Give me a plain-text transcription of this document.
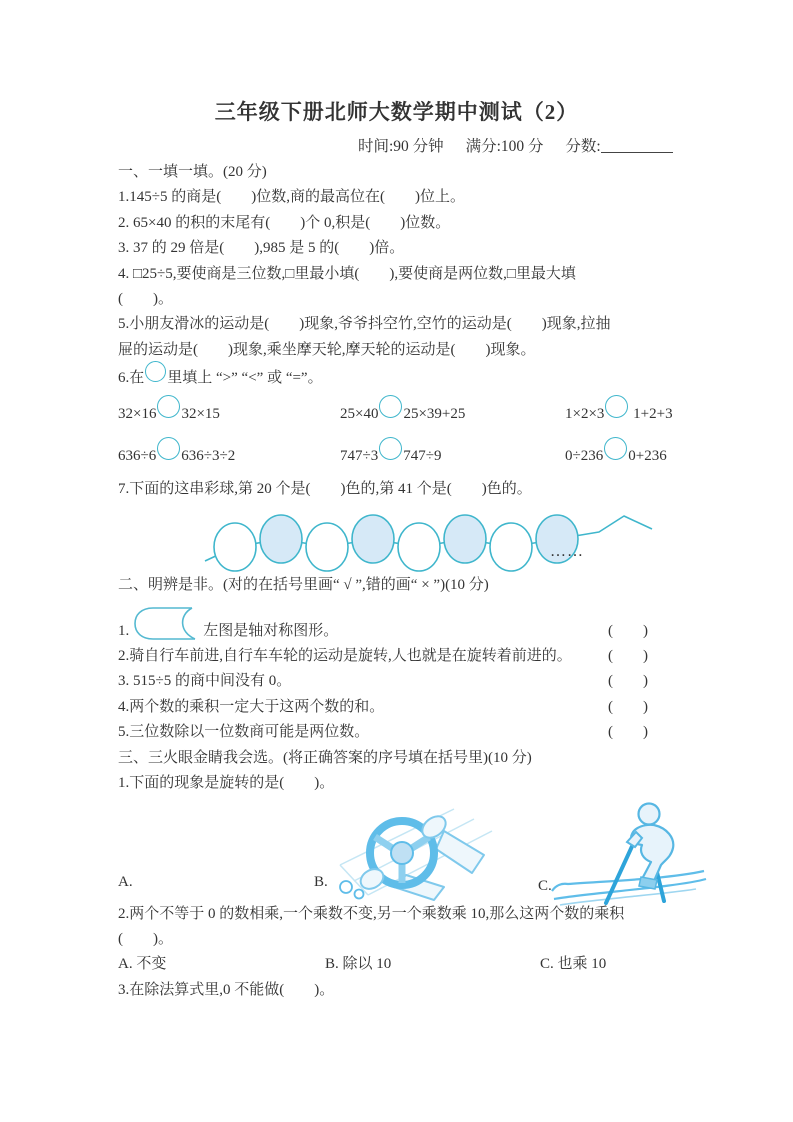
三年级下册北师大数学期中测试（2）
时间:90 分钟 满分:100 分 分数:

一、一填一填。(20 分)

1.145÷5 的商是(　　)位数,商的最高位在(　　)位上。

2. 65×40 的积的末尾有(　　)个 0,积是(　　)位数。

3. 37 的 29 倍是(　　),985 是 5 的(　　)倍。

4. □25÷5,要使商是三位数,□里最小填(　　),要使商是两位数,□里最大填

(　　)。

5.小朋友滑冰的运动是(　　)现象,爷爷抖空竹,空竹的运动是(　　)现象,拉抽

屉的运动是(　　)现象,乘坐摩天轮,摩天轮的运动是(　　)现象。

6.在 里填上 “>” “<” 或 “=”。

32×16 32×15	25×40 25×39+25	1×2×3 1+2+3
636÷6 636÷3÷2	747÷3 747÷9	0÷236 0+236

7.下面的这串彩球,第 20 个是(　　)色的,第 41 个是(　　)色的。

……

二、明辨是非。(对的在括号里画“ √ ”,错的画“ × ”)(10 分)

1.	左图是轴对称图形。	(　　)
2.骑自行车前进,自行车车轮的运动是旋转,人也就是在旋转着前进的。 (　　)
3. 515÷5 的商中间没有 0。	(　　)
4.两个数的乘积一定大于这两个数的和。	(　　)
5.三位数除以一位数商可能是两位数。	(　　)

三、三火眼金睛我会选。(将正确答案的序号填在括号里)(10 分)

1.下面的现象是旋转的是(　　)。

A.	B.	C.

2.两个不等于 0 的数相乘,一个乘数不变,另一个乘数乘 10,那么这两个数的乘积

(　　)。

A. 不变	B. 除以 10	C. 也乘 10

3.在除法算式里,0 不能做(　　)。
